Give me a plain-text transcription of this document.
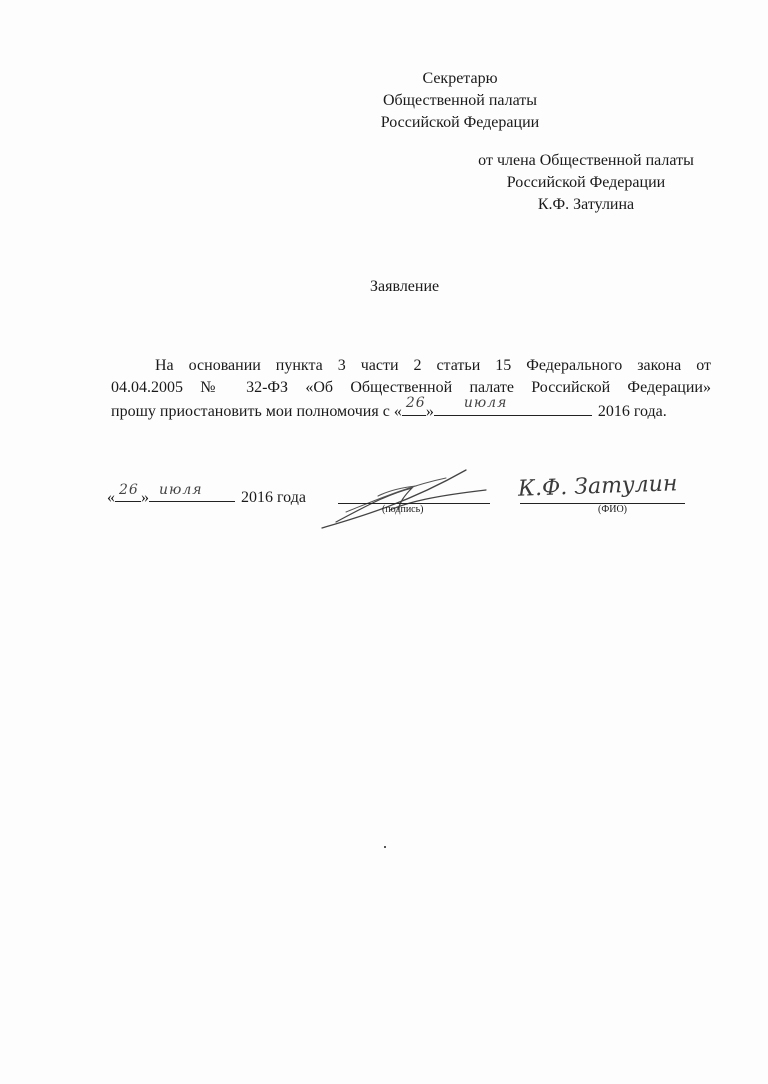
Секретарю
Общественной палаты
Российской Федерации
от члена Общественной палаты
Российской Федерации
К.Ф. Затулина
Заявление
На основании пункта 3 части 2 статьи 15 Федерального закона от
04.04.2005 № 32-ФЗ «Об Общественной палате Российской Федерации»
прошу приостановить мои полномочия с « 26 » июля	2016 года.
« 26 » июля 2016 года
(подпись)
К.Ф. Затулин
(ФИО)
